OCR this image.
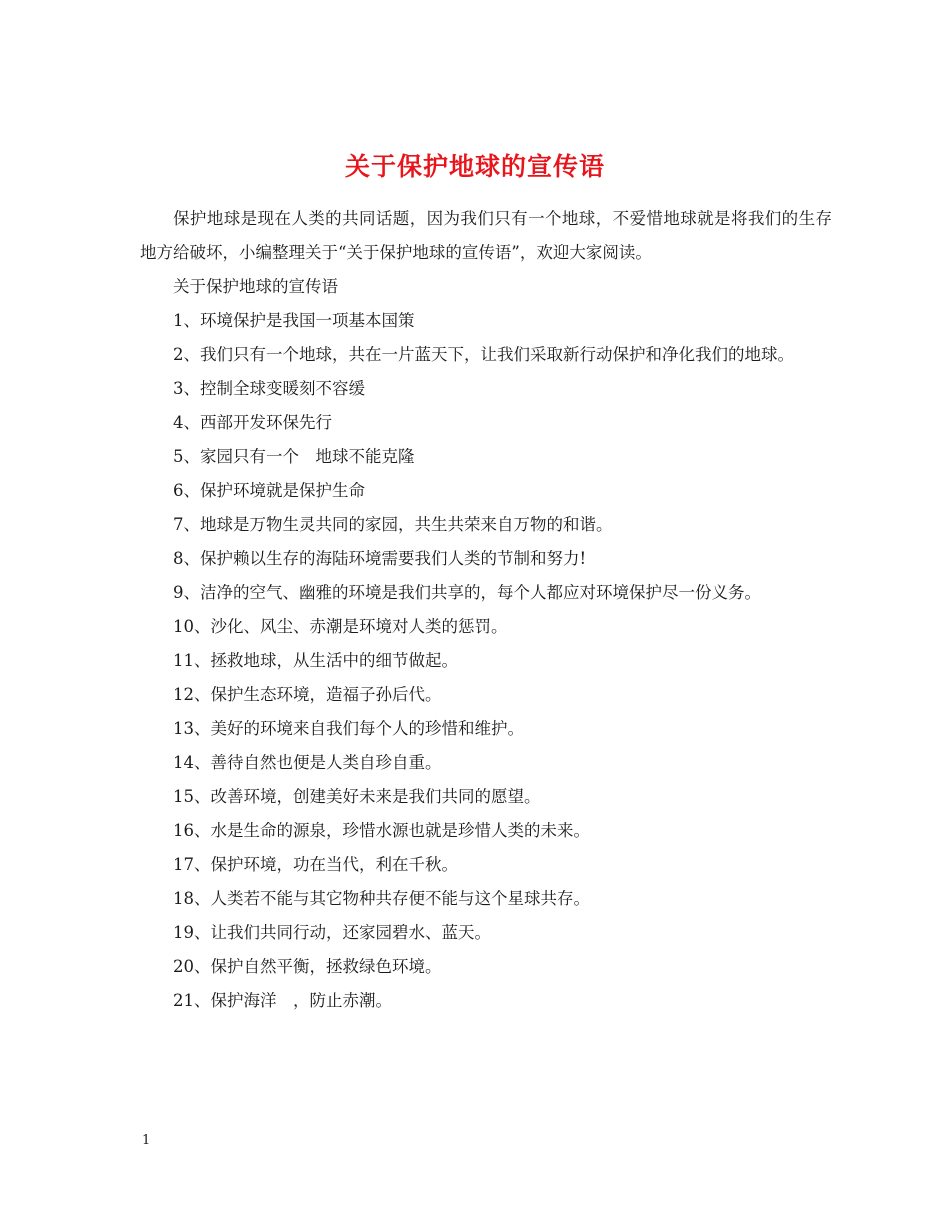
关于保护地球的宣传语

保护地球是现在人类的共同话题，因为我们只有一个地球，不爱惜地球就是将我们的生存地方给破坏，小编整理关于“关于保护地球的宣传语”，欢迎大家阅读。

关于保护地球的宣传语

1、环境保护是我国一项基本国策

2、我们只有一个地球，共在一片蓝天下，让我们采取新行动保护和净化我们的地球。

3、控制全球变暖刻不容缓

4、西部开发环保先行

5、家园只有一个　地球不能克隆

6、保护环境就是保护生命

7、地球是万物生灵共同的家园，共生共荣来自万物的和谐。

8、保护赖以生存的海陆环境需要我们人类的节制和努力!

9、洁净的空气、幽雅的环境是我们共享的，每个人都应对环境保护尽一份义务。

10、沙化、风尘、赤潮是环境对人类的惩罚。

11、拯救地球，从生活中的细节做起。

12、保护生态环境，造福子孙后代。

13、美好的环境来自我们每个人的珍惜和维护。

14、善待自然也便是人类自珍自重。

15、改善环境，创建美好未来是我们共同的愿望。

16、水是生命的源泉，珍惜水源也就是珍惜人类的未来。

17、保护环境，功在当代，利在千秋。

18、人类若不能与其它物种共存便不能与这个星球共存。

19、让我们共同行动，还家园碧水、蓝天。

20、保护自然平衡，拯救绿色环境。

21、保护海洋　，防止赤潮。

1
